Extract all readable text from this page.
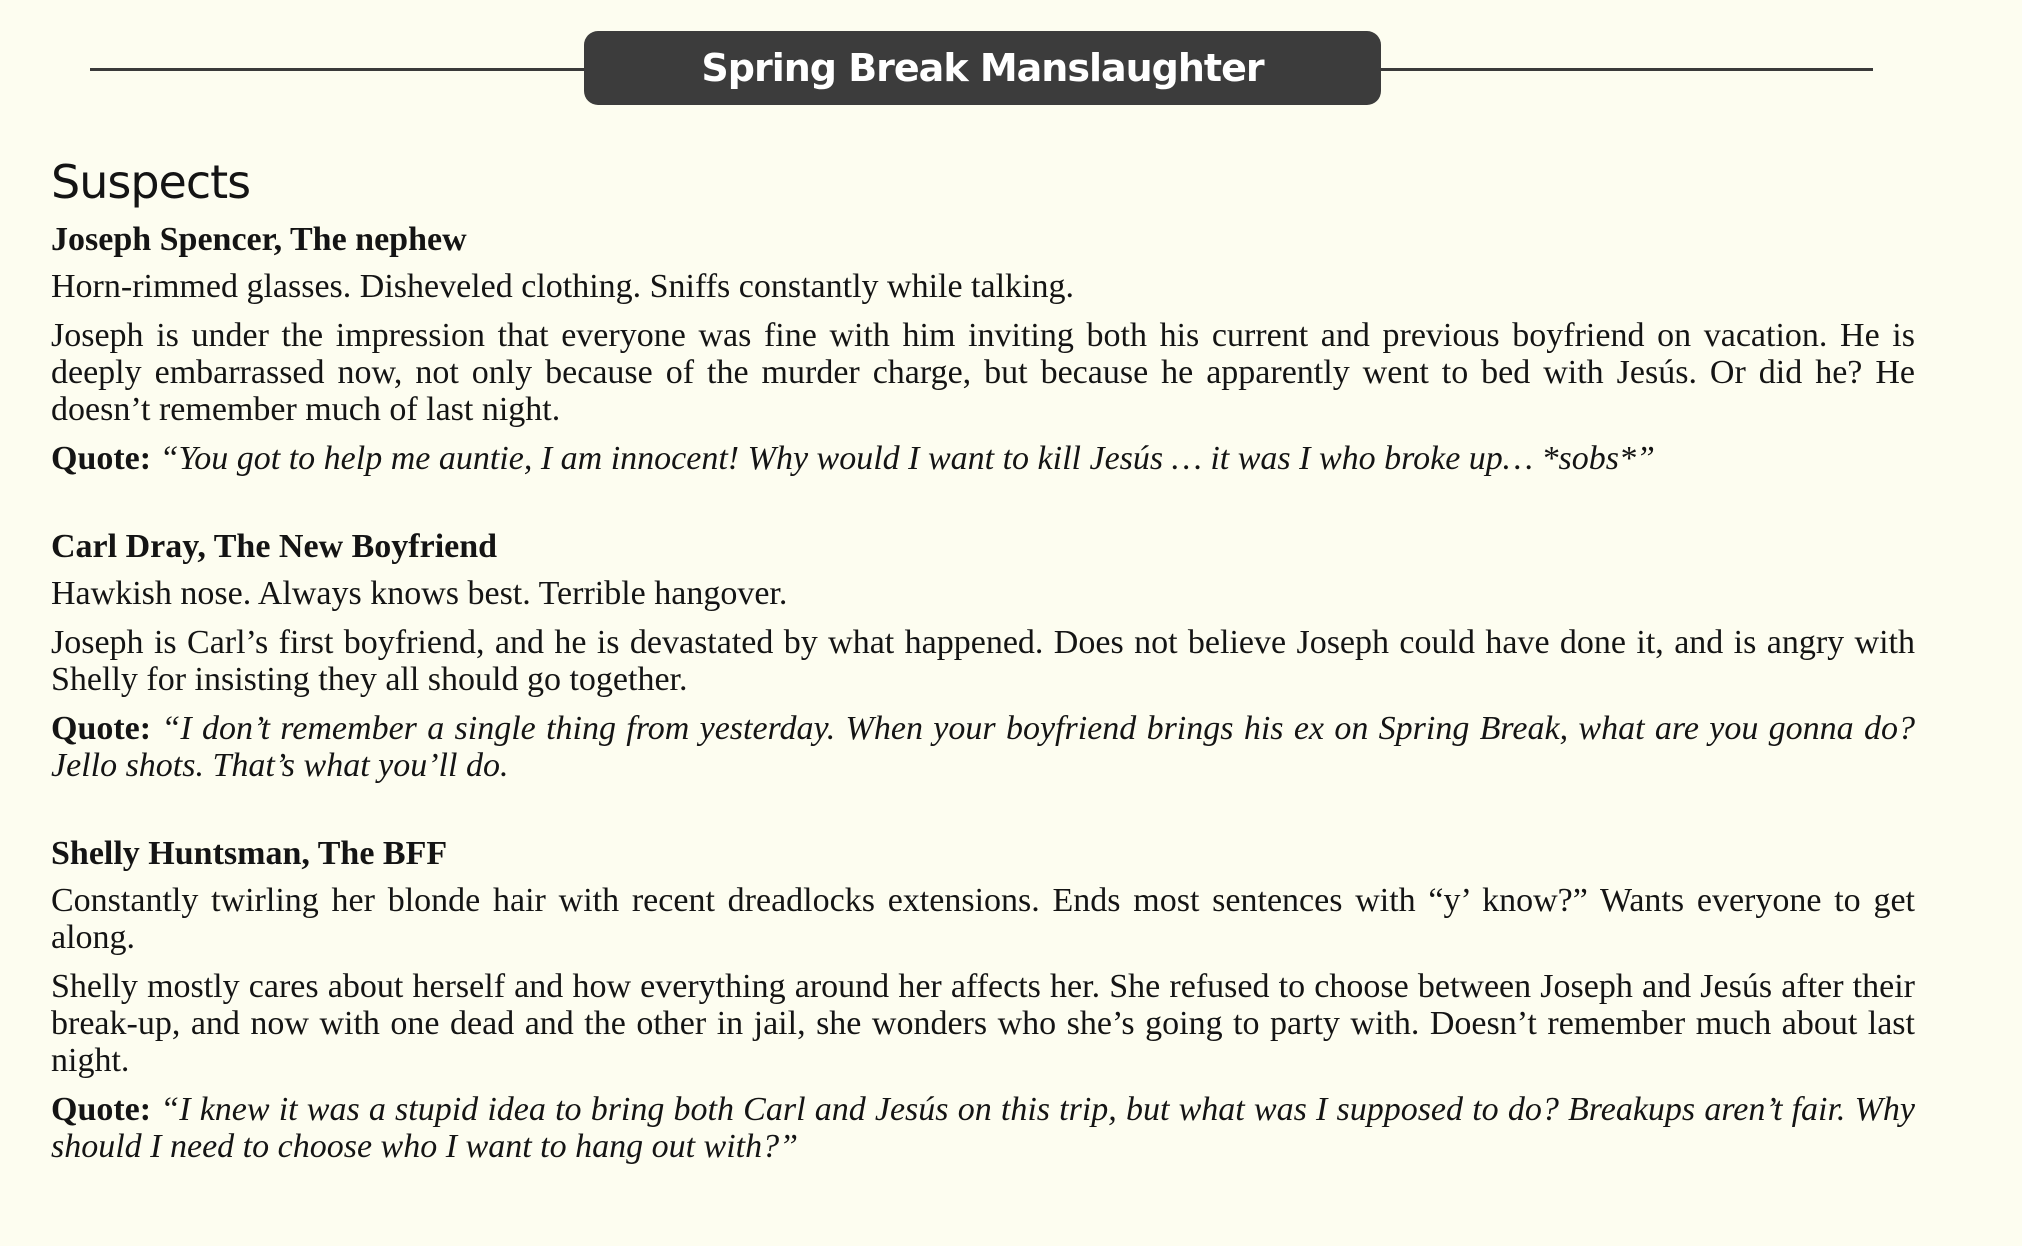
Spring Break Manslaughter
Suspects
Joseph Spencer, The nephew

Horn-rimmed glasses. Disheveled clothing. Sniffs constantly while talking.

Joseph is under the impression that everyone was fine with him inviting both his current and previous boyfriend on vacation. He is deeply embarrassed now, not only because of the murder charge, but because he apparently went to bed with Jesús. Or did he? He doesn’t remember much of last night.

Quote: “You got to help me auntie, I am innocent! Why would I want to kill Jesús … it was I who broke up… *sobs*”

Carl Dray, The New Boyfriend

Hawkish nose. Always knows best. Terrible hangover.

Joseph is Carl’s first boyfriend, and he is devastated by what happened. Does not believe Joseph could have done it, and is angry with Shelly for insisting they all should go together.

Quote: “I don’t remember a single thing from yesterday. When your boyfriend brings his ex on Spring Break, what are you gonna do? Jello shots. That’s what you’ll do.

Shelly Huntsman, The BFF

Constantly twirling her blonde hair with recent dreadlocks extensions. Ends most sentences with “y’ know?” Wants everyone to get along.

Shelly mostly cares about herself and how everything around her affects her. She refused to choose between Joseph and Jesús after their break-up, and now with one dead and the other in jail, she wonders who she’s going to party with. Doesn’t remember much about last night.

Quote: “I knew it was a stupid idea to bring both Carl and Jesús on this trip, but what was I supposed to do? Breakups aren’t fair. Why should I need to choose who I want to hang out with?”
